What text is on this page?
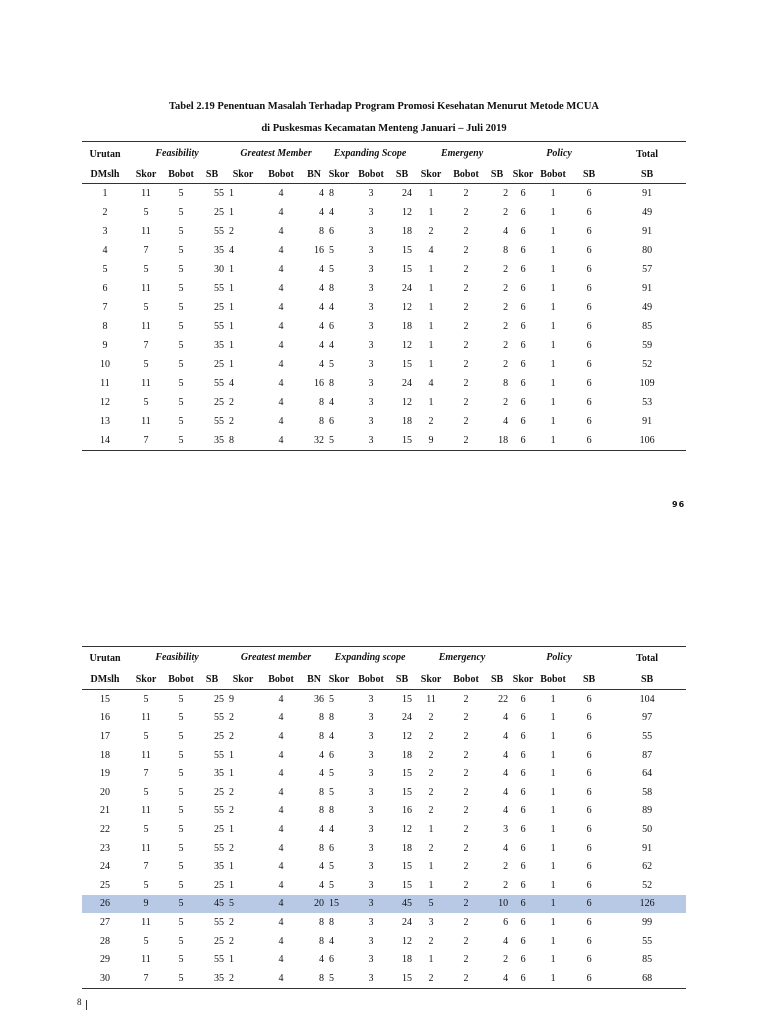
Tabel 2.19 Penentuan Masalah Terhadap Program Promosi Kesehatan Menurut Metode MCUA

di Puskesmas Kecamatan Menteng Januari – Juli 2019

Urutan	Feasibility			Greatest Member			Expanding Scope			Emergeny			Policy			Total
DMslh	Skor	Bobot	SB	Skor	Bobot	BN	Skor	Bobot	SB	Skor	Bobot	SB	Skor	Bobot	SB	SB
1	11	5	55	1	4	4	8	3	24	1	2	2	6	1	6	91
2	5	5	25	1	4	4	4	3	12	1	2	2	6	1	6	49
3	11	5	55	2	4	8	6	3	18	2	2	4	6	1	6	91
4	7	5	35	4	4	16	5	3	15	4	2	8	6	1	6	80
5	5	5	30	1	4	4	5	3	15	1	2	2	6	1	6	57
6	11	5	55	1	4	4	8	3	24	1	2	2	6	1	6	91
7	5	5	25	1	4	4	4	3	12	1	2	2	6	1	6	49
8	11	5	55	1	4	4	6	3	18	1	2	2	6	1	6	85
9	7	5	35	1	4	4	4	3	12	1	2	2	6	1	6	59
10	5	5	25	1	4	4	5	3	15	1	2	2	6	1	6	52
11	11	5	55	4	4	16	8	3	24	4	2	8	6	1	6	109
12	5	5	25	2	4	8	4	3	12	1	2	2	6	1	6	53
13	11	5	55	2	4	8	6	3	18	2	2	4	6	1	6	91
14	7	5	35	8	4	32	5	3	15	9	2	18	6	1	6	106

96

Urutan	Feasibility			Greatest member			Expanding scope			Emergency			Policy			Total
DMslh	Skor	Bobot	SB	Skor	Bobot	BN	Skor	Bobot	SB	Skor	Bobot	SB	Skor	Bobot	SB	SB
15	5	5	25	9	4	36	5	3	15	11	2	22	6	1	6	104
16	11	5	55	2	4	8	8	3	24	2	2	4	6	1	6	97
17	5	5	25	2	4	8	4	3	12	2	2	4	6	1	6	55
18	11	5	55	1	4	4	6	3	18	2	2	4	6	1	6	87
19	7	5	35	1	4	4	5	3	15	2	2	4	6	1	6	64
20	5	5	25	2	4	8	5	3	15	2	2	4	6	1	6	58
21	11	5	55	2	4	8	8	3	16	2	2	4	6	1	6	89
22	5	5	25	1	4	4	4	3	12	1	2	3	6	1	6	50
23	11	5	55	2	4	8	6	3	18	2	2	4	6	1	6	91
24	7	5	35	1	4	4	5	3	15	1	2	2	6	1	6	62
25	5	5	25	1	4	4	5	3	15	1	2	2	6	1	6	52
26	9	5	45	5	4	20	15	3	45	5	2	10	6	1	6	126
27	11	5	55	2	4	8	8	3	24	3	2	6	6	1	6	99
28	5	5	25	2	4	8	4	3	12	2	2	4	6	1	6	55
29	11	5	55	1	4	4	6	3	18	1	2	2	6	1	6	85
30	7	5	35	2	4	8	5	3	15	2	2	4	6	1	6	68

8
